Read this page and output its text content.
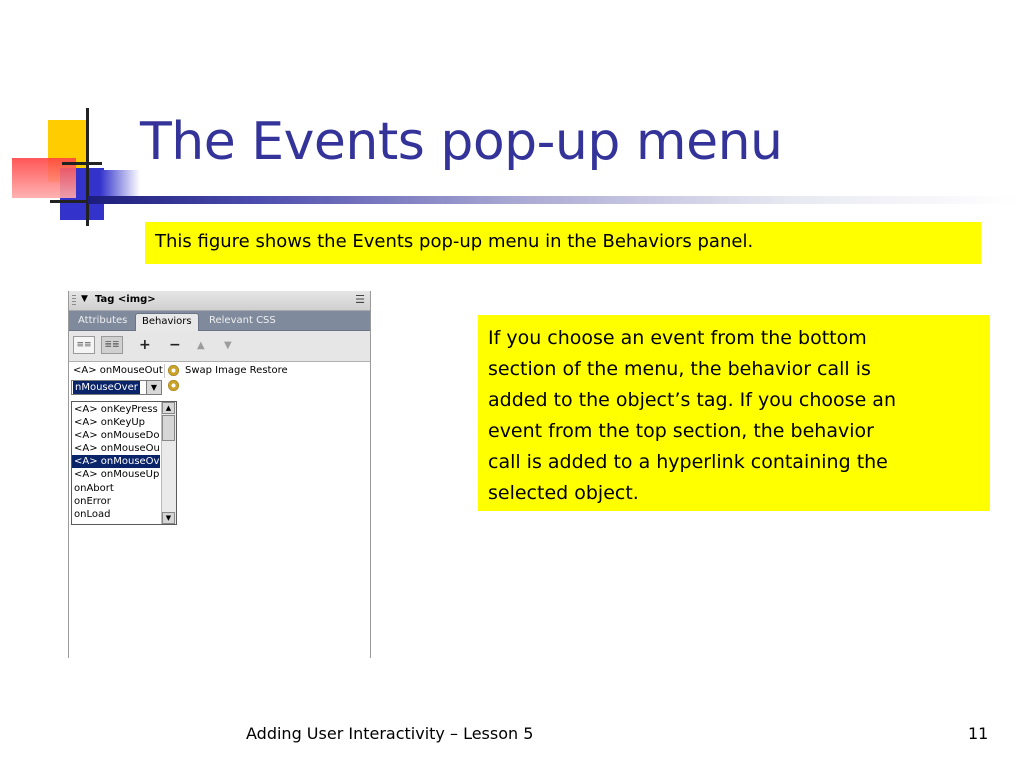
The Events pop-up menu
This figure shows the Events pop-up menu in the Behaviors panel.
▼ Tag <img>	☰
Attributes	Behaviors	Relevant CSS
≡≡	≣≣ + − ▲ ▼
<A> onMouseOut Swap Image Restore
nMouseOver	▼	Swap Image
<A> onKeyPress
<A> onKeyUp
<A> onMouseDo
<A> onMouseOu
<A> onMouseOv
<A> onMouseUp
onAbort
onError
onLoad
▲
▼
If you choose an event from the bottom
section of the menu, the behavior call is
added to the object’s tag. If you choose an
event from the top section, the behavior
call is added to a hyperlink containing the
selected object.
Adding User Interactivity – Lesson 5	11
